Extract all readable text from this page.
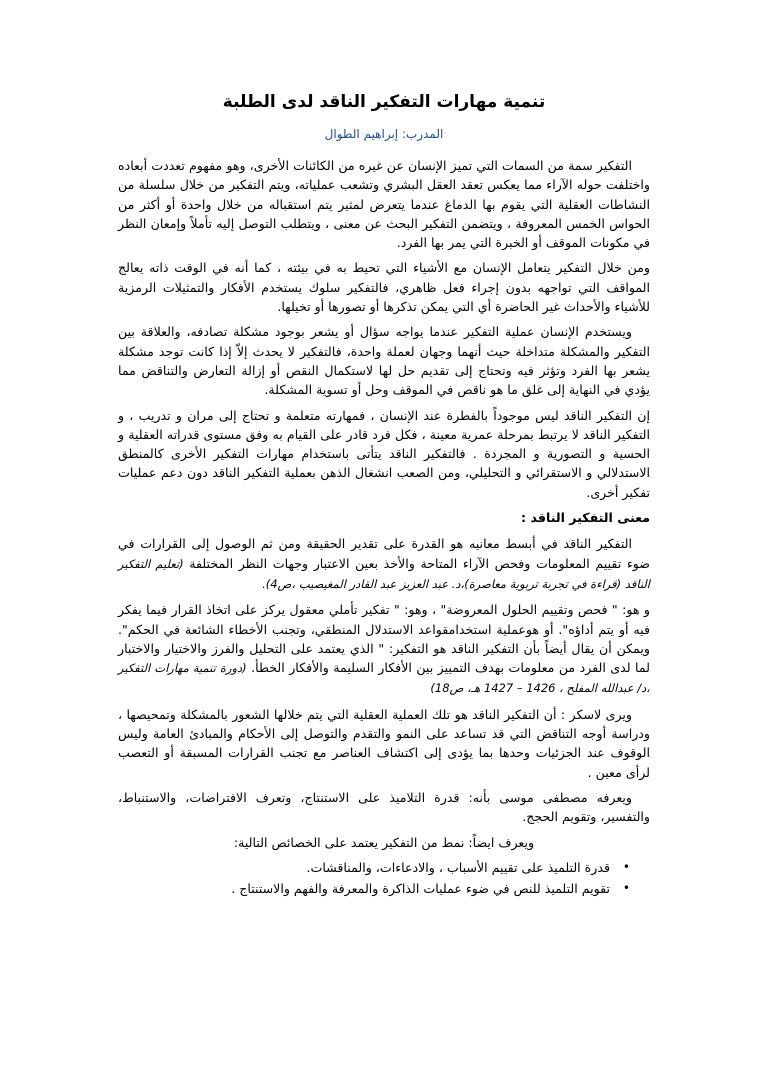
تنمية مهارات التفكير الناقد لدى الطلبة
المدرب: إبراهيم الطوال

التفكير سمة من السمات التي تميز الإنسان عن غيره من الكائنات الأخرى، وهو مفهوم تعددت أبعاده واختلفت حوله الآراء مما يعكس تعقد العقل البشري وتشعب عملياته، ويتم التفكير من خلال سلسلة من النشاطات العقلية التي يقوم بها الدماغ عندما يتعرض لمثير يتم استقباله من خلال واحدة أو أكثر من الحواس الخمس المعروفة ، ويتضمن التفكير البحث عن معنى ، ويتطلب التوصل إليه تأملاً وإمعان النظر في مكونات الموقف أو الخبرة التي يمر بها الفرد.

ومن خلال التفكير يتعامل الإنسان مع الأشياء التي تحيط به في بيئته ، كما أنه في الوقت ذاته يعالج المواقف التي تواجهه بدون إجراء فعل ظاهري، فالتفكير سلوك يستخدم الأفكار والتمثيلات الرمزية للأشياء والأحداث غير الحاضرة أي التي يمكن تذكرها أو تصورها أو تخيلها.

ويستخدم الإنسان عملية التفكير عندما يواجه سؤال أو يشعر بوجود مشكلة تصادفه، والعلاقة بين التفكير والمشكلة متداخلة حيث أنهما وجهان لعملة واحدة، فالتفكير لا يحدث إلاّ إذا كانت توجد مشكلة يشعر بها الفرد وتؤثر فيه وتحتاج إلى تقديم حل لها لاستكمال النقص أو إزالة التعارض والتناقض مما يؤدي في النهاية إلى غلق ما هو ناقص في الموقف وحل أو تسوية المشكلة.

إن التفكير الناقد ليس موجوداً بالفطرة عند الإنسان ، فمهارته متعلمة و تحتاج إلى مران و تدريب ، و التفكير الناقد لا يرتبط بمرحلة عمرية معينة ، فكل فرد قادر على القيام به وفق مستوى قدراته العقلية و الحسية و التصورية و المجردة . فالتفكير الناقد يتأتى باستخدام مهارات التفكير الأخرى كالمنطق الاستدلالي و الاستقرائي و التحليلي، ومن الصعب انشغال الذهن بعملية التفكير الناقد دون دعم عمليات تفكير أخرى.

معنى التفكير الناقد :

التفكير الناقد في أبسط معانيه هو القدرة على تقدير الحقيقة ومن ثم الوصول إلى القرارات في ضوء تقييم المعلومات وفحص الآراء المتاحة والأخذ بعين الاعتبار وجهات النظر المختلفة (تعليم التفكير الناقد (قراءة في تجربة تربوية معاصرة)،د. عبد العزيز عبد القادر المغيصيب ،ص4).

و هو: " فحص وتقييم الحلول المعروضة" ، وهو: " تفكير تأملي معقول يركز على اتخاذ القرار فيما يفكر فيه أو يتم أداؤه". أو هوعملية استخدامقواعد الاستدلال المنطقي، وتجنب الأخطاء الشائعة في الحكم". ويمكن أن يقال أيضاً بأن التفكير الناقد هو التفكير: " الذي يعتمد على التحليل والفرز والاختيار والاختبار لما لدى الفرد من معلومات بهدف التمييز بين الأفكار السليمة والأفكار الخطأ. (دورة تنمية مهارات التفكير ،د/ عبدالله المفلح ، 1426 – 1427 هـ، ص18)

ويرى لاسكر : أن التفكير الناقد هو تلك العملية العقلية التي يتم خلالها الشعور بالمشكلة وتمحيصها ، ودراسة أوجه التناقض التي قد تساعد على النمو والتقدم والتوصل إلى الأحكام والمبادئ العامة وليس الوقوف عند الجزئيات وحدها بما يؤدى إلى اكتشاف العناصر مع تجنب القرارات المسبقة أو التعصب لرأى معين .

ويعرفه مصطفى موسى بأنه: قدرة التلاميذ على الاستنتاج، وتعرف الافتراضات، والاستنباط، والتفسير، وتقويم الحجج.

ويعرف ايضاً: نمط من التفكير يعتمد على الخصائص التالية:

•
قدرة التلميذ على تقييم الأسباب ، والادعاءات، والمناقشات.
•
تقويم التلميذ للنص في ضوء عمليات الذاكرة والمعرفة والفهم والاستنتاج .
